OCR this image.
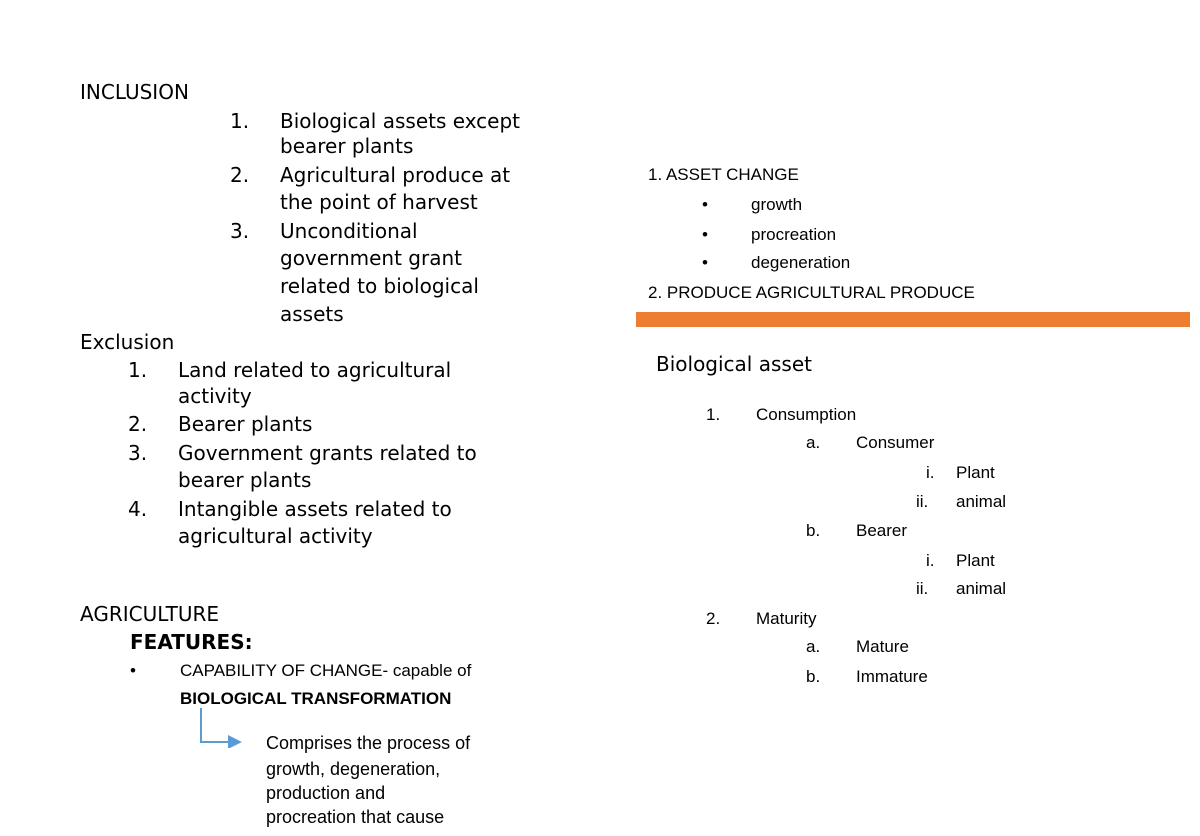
INCLUSION
1. Biological assets except
bearer plants
2. Agricultural produce at
the point of harvest
3. Unconditional
government grant
related to biological
assets
Exclusion
1. Land related to agricultural
activity
2. Bearer plants
3. Government grants related to
bearer plants
4. Intangible assets related to
agricultural activity
AGRICULTURE
FEATURES:
•	CAPABILITY OF CHANGE- capable of
BIOLOGICAL TRANSFORMATION
Comprises the process of
growth, degeneration,
production and
procreation that cause
1. ASSET CHANGE
•	growth
•	procreation
•	degeneration
2. PRODUCE AGRICULTURAL PRODUCE
Biological asset
1. Consumption
a. Consumer
i. Plant
ii. animal
b. Bearer
i. Plant
ii. animal
2. Maturity
a. Mature
b. Immature
